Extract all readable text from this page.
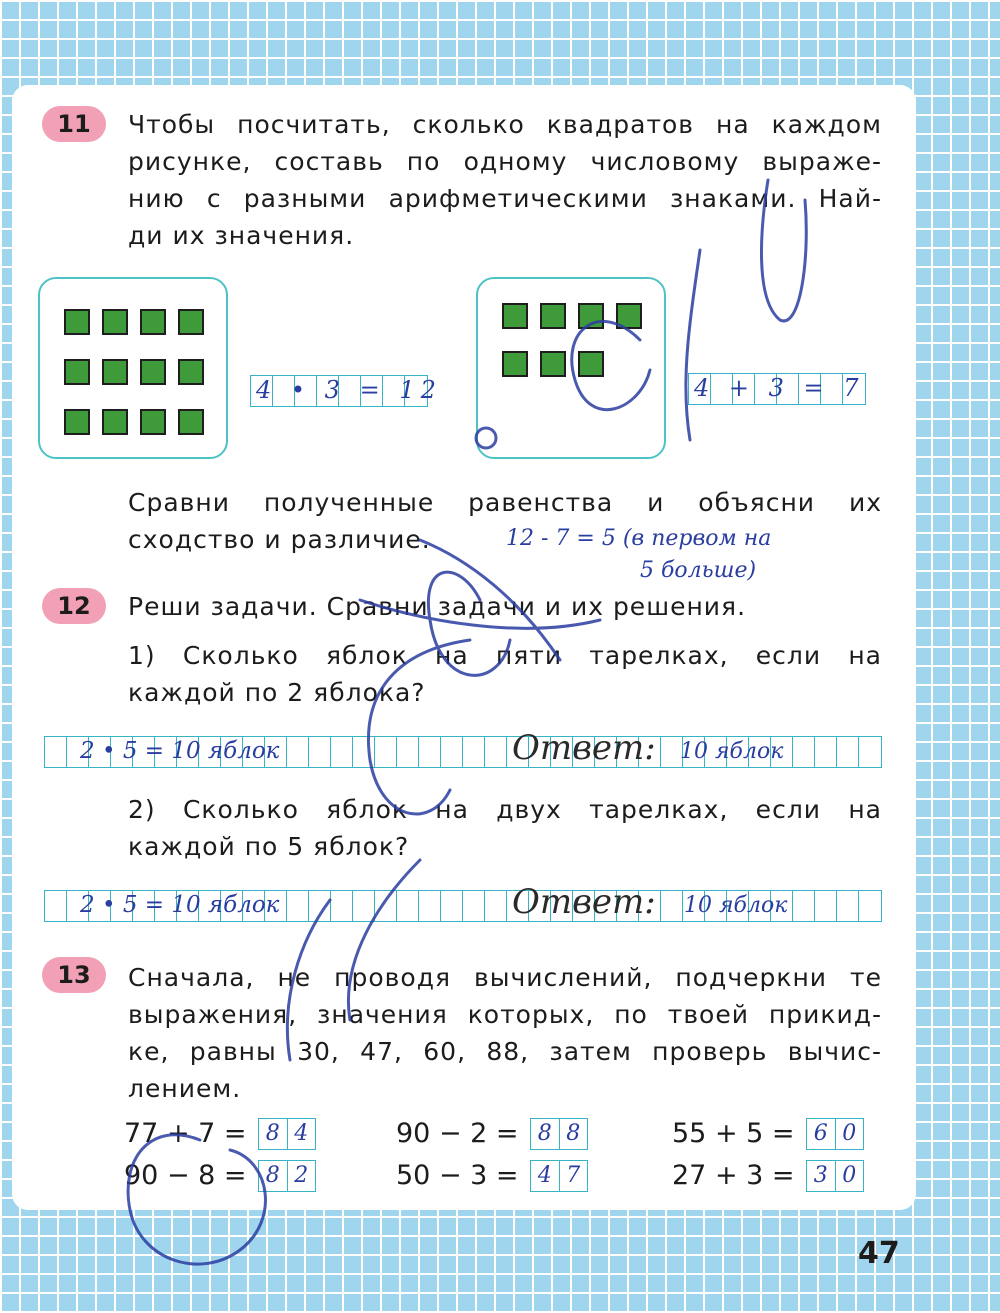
11	Чтобы посчитать, сколько квадратов на каждом
рисунке, составь по одному числовому выраже-
нию с разными арифметическими знаками. Най-
ди их значения.
4 • 3 = 12	4 + 3 = 7
Сравни полученные равенства и объясни их
сходство и различие.	12 - 7 = 5 (в первом на
5 больше)
12	Реши задачи. Сравни задачи и их решения.
1) Сколько яблок на пяти тарелках, если на
каждой по 2 яблока?
2 • 5 = 10 яблок	Ответ: 10 яблок
2) Сколько яблок на двух тарелках, если на
каждой по 5 яблок?
2 • 5 = 10 яблок	Ответ: 10 яблок
13	Сначала, не проводя вычислений, подчеркни те
выражения, значения которых, по твоей прикид-
ке, равны 30, 47, 60, 88, затем проверь вычис-
лением.
77 + 7 = 8 4	90 − 2 = 8 8	55 + 5 = 6 0
90 − 8 = 8 2	50 − 3 = 4 7	27 + 3 = 3 0
47
